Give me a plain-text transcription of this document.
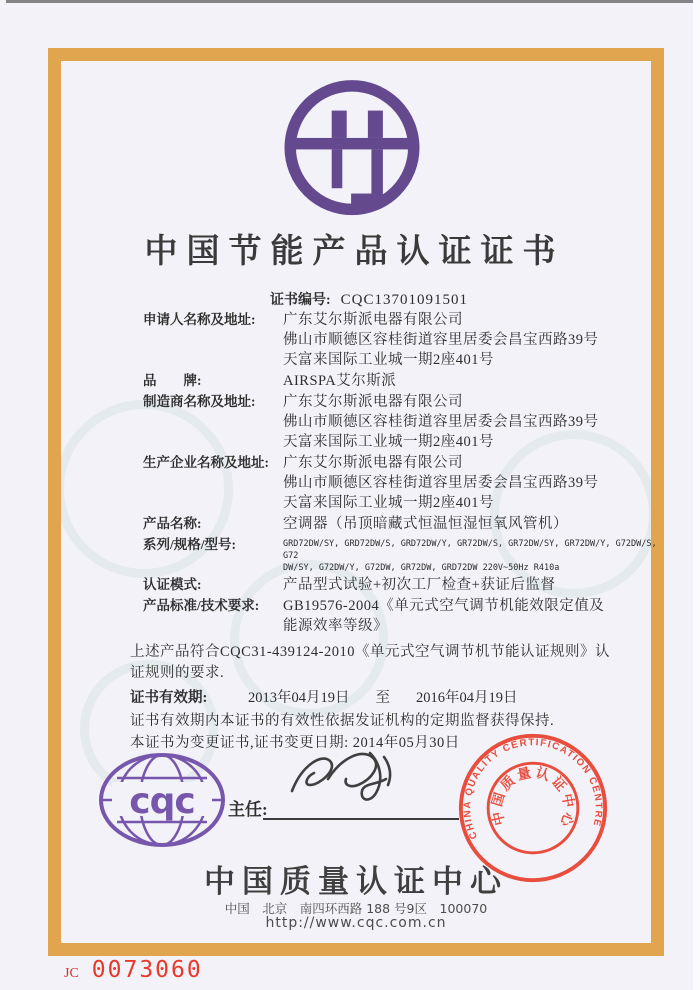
中国节能产品认证证书
证书编号: CQC13701091501
申请人名称及地址:	广东艾尔斯派电器有限公司
佛山市顺德区容桂街道容里居委会昌宝西路39号
天富来国际工业城一期2座401号
品　　牌:	AIRSPA艾尔斯派
制造商名称及地址:	广东艾尔斯派电器有限公司
佛山市顺德区容桂街道容里居委会昌宝西路39号
天富来国际工业城一期2座401号
生产企业名称及地址: 广东艾尔斯派电器有限公司
佛山市顺德区容桂街道容里居委会昌宝西路39号
天富来国际工业城一期2座401号
产品名称:	空调器（吊顶暗藏式恒温恒湿恒氧风管机）
系列/规格/型号:	GRD72DW/SY, GRD72DW/S, GRD72DW/Y, GR72DW/S, GR72DW/SY, GR72DW/Y, G72DW/S, G72
DW/SY, G72DW/Y, G72DW, GR72DW, GRD72DW 220V~50Hz R410a
认证模式:	产品型式试验+初次工厂检查+获证后监督
产品标准/技术要求:	GB19576-2004《单元式空气调节机能效限定值及
能源效率等级》

上述产品符合CQC31-439124-2010《单元式空气调节机节能认证规则》认
证规则的要求.

证书有效期:	2013年04月19日 至 2016年04月19日
证书有效期内本证书的有效性依据发证机构的定期监督获得保持.
本证书为变更证书,证书变更日期: 2014年05月30日
cqc 主任:
CHINA QUALITY CERTIFICATION CENTRE
中国质量认证中心

中国质量认证中心

中国　北京　南四环西路 188 号9区　100070
http://www.cqc.com.cn
JC 0073060
